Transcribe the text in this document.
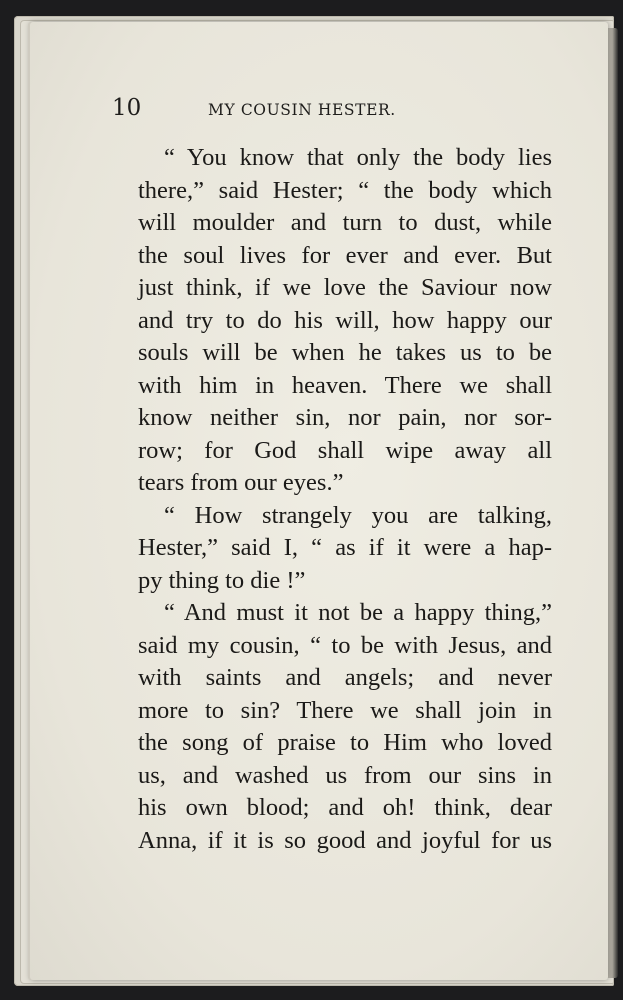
10	MY COUSIN HESTER.
“ You know that only the body lies
there,” said Hester; “ the body which
will moulder and turn to dust, while
the soul lives for ever and ever. But
just think, if we love the Saviour now
and try to do his will, how happy our
souls will be when he takes us to be
with him in heaven. There we shall
know neither sin, nor pain, nor sor-
row; for God shall wipe away all
tears from our eyes.”
“ How strangely you are talking,
Hester,” said I, “ as if it were a hap-
py thing to die !”
“ And must it not be a happy thing,”
said my cousin, “ to be with Jesus, and
with saints and angels; and never
more to sin? There we shall join in
the song of praise to Him who loved
us, and washed us from our sins in
his own blood; and oh! think, dear
Anna, if it is so good and joyful for us
